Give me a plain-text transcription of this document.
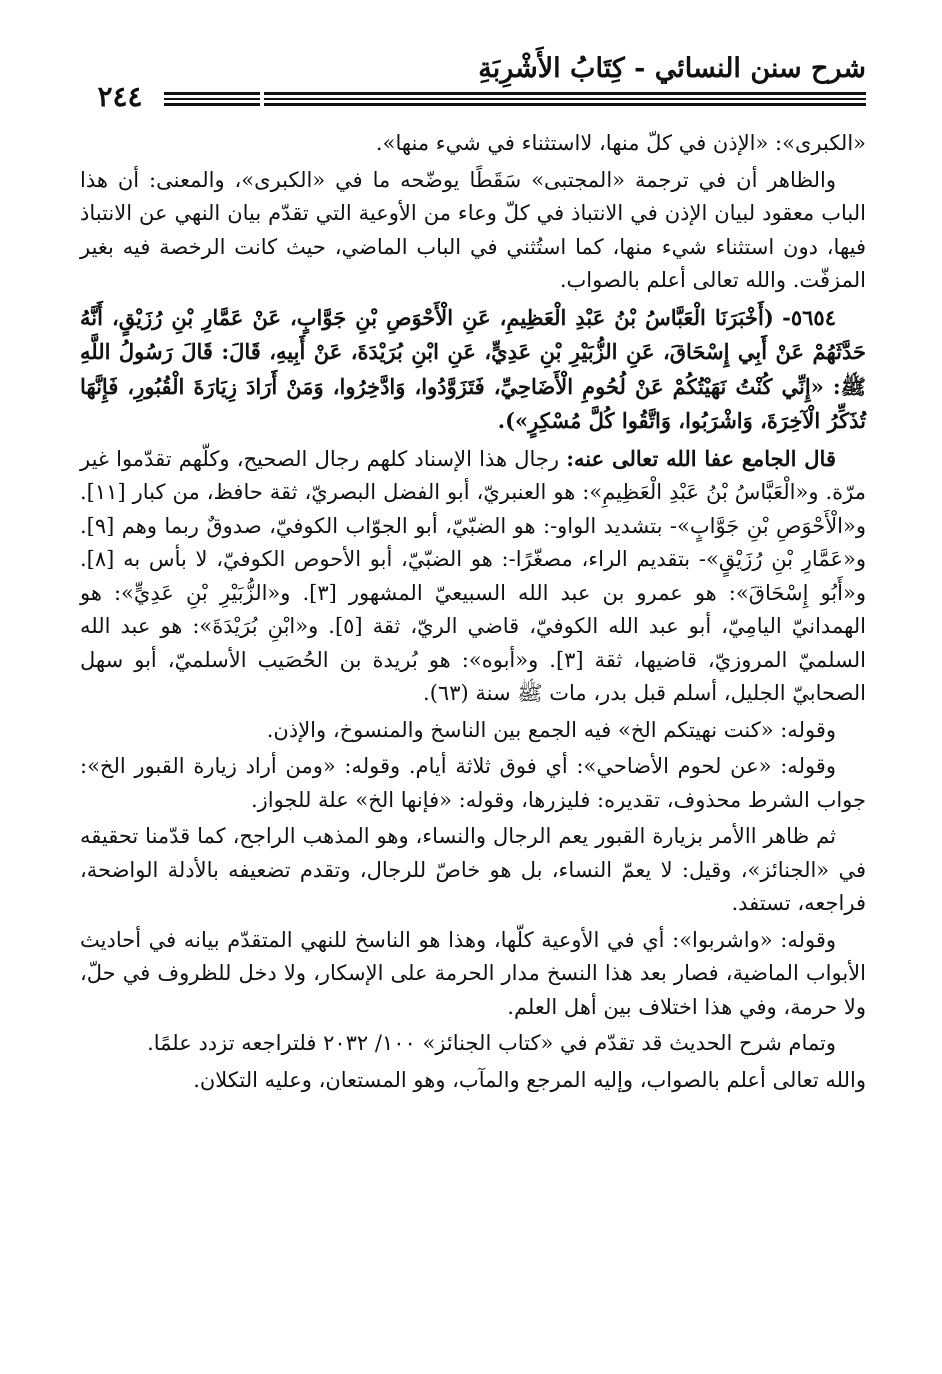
شرح سنن النسائي - كِتَابُ الأَشْرِبَةِ
٢٤٤

«الكبرى»: «الإذن في كلّ منها، لااستثناء في شيء منها».

والظاهر أن في ترجمة «المجتبى» سَقَطًا يوضّحه ما في «الكبرى»، والمعنى: أن هذا الباب معقود لبيان الإذن في الانتباذ في كلّ وعاء من الأوعية التي تقدّم بيان النهي عن الانتباذ فيها، دون استثناء شيء منها، كما استُثني في الباب الماضي، حيث كانت الرخصة فيه بغير المزفّت. والله تعالى أعلم بالصواب.

٥٦٥٤- (أَخْبَرَنَا الْعَبَّاسُ بْنُ عَبْدِ الْعَظِيمِ، عَنِ الْأَحْوَصِ بْنِ جَوَّابٍ، عَنْ عَمَّارِ بْنِ رُزَيْقٍ، أَنَّهُ حَدَّثَهُمْ عَنْ أَبِي إِسْحَاقَ، عَنِ الزُّبَيْرِ بْنِ عَدِيٍّ، عَنِ ابْنِ بُرَيْدَةَ، عَنْ أَبِيهِ، قَالَ: قَالَ رَسُولُ اللَّهِ ﷺ: «إِنِّي كُنْتُ نَهَيْتُكُمْ عَنْ لُحُومِ الْأَضَاحِيِّ، فَتَزَوَّدُوا، وَادَّخِرُوا، وَمَنْ أَرَادَ زِيَارَةَ الْقُبُورِ، فَإِنَّهَا تُذَكِّرُ الْآخِرَةَ، وَاشْرَبُوا، وَاتَّقُوا كُلَّ مُسْكِرٍ»).

قال الجامع عفا الله تعالى عنه: رجال هذا الإسناد كلهم رجال الصحيح، وكلّهم تقدّموا غير مرّة. و«الْعَبَّاسُ بْنُ عَبْدِ الْعَظِيمِ»: هو العنبريّ، أبو الفضل البصريّ، ثقة حافظ، من كبار [١١]. و«الْأَحْوَصِ بْنِ جَوَّابٍ»- بتشديد الواو-: هو الضبّيّ، أبو الجوّاب الكوفيّ، صدوقٌ ربما وهم [٩]. و«عَمَّارِ بْنِ رُزَيْقٍ»- بتقديم الراء، مصغّرًا-: هو الضبّيّ، أبو الأحوص الكوفيّ، لا بأس به [٨]. و«أَبُو إِسْحَاقَ»: هو عمرو بن عبد الله السبيعيّ المشهور [٣]. و«الزُّبَيْرِ بْنِ عَدِيٍّ»: هو الهمدانيّ اليامِيّ، أبو عبد الله الكوفيّ، قاضي الريّ، ثقة [٥]. و«ابْنِ بُرَيْدَةَ»: هو عبد الله السلميّ المروزيّ، قاضيها، ثقة [٣]. و«أبوه»: هو بُريدة بن الحُصَيب الأسلميّ، أبو سهل الصحابيّ الجليل، أسلم قبل بدر، مات ﷺ سنة (٦٣).

وقوله: «كنت نهيتكم الخ» فيه الجمع بين الناسخ والمنسوخ، والإذن.

وقوله: «عن لحوم الأضاحي»: أي فوق ثلاثة أيام. وقوله: «ومن أراد زيارة القبور الخ»: جواب الشرط محذوف، تقديره: فليزرها، وقوله: «فإنها الخ» علة للجواز.

ثم ظاهر االأمر بزيارة القبور يعم الرجال والنساء، وهو المذهب الراجح، كما قدّمنا تحقيقه في «الجنائز»، وقيل: لا يعمّ النساء، بل هو خاصّ للرجال، وتقدم تضعيفه بالأدلة الواضحة، فراجعه، تستفد.

وقوله: «واشربوا»: أي في الأوعية كلّها، وهذا هو الناسخ للنهي المتقدّم بيانه في أحاديث الأبواب الماضية، فصار بعد هذا النسخ مدار الحرمة على الإسكار، ولا دخل للظروف في حلّ، ولا حرمة، وفي هذا اختلاف بين أهل العلم.

وتمام شرح الحديث قد تقدّم في «كتاب الجنائز» ١٠٠/ ٢٠٣٢ فلتراجعه تزدد علمًا.

والله تعالى أعلم بالصواب، وإليه المرجع والمآب، وهو المستعان، وعليه التكلان.
